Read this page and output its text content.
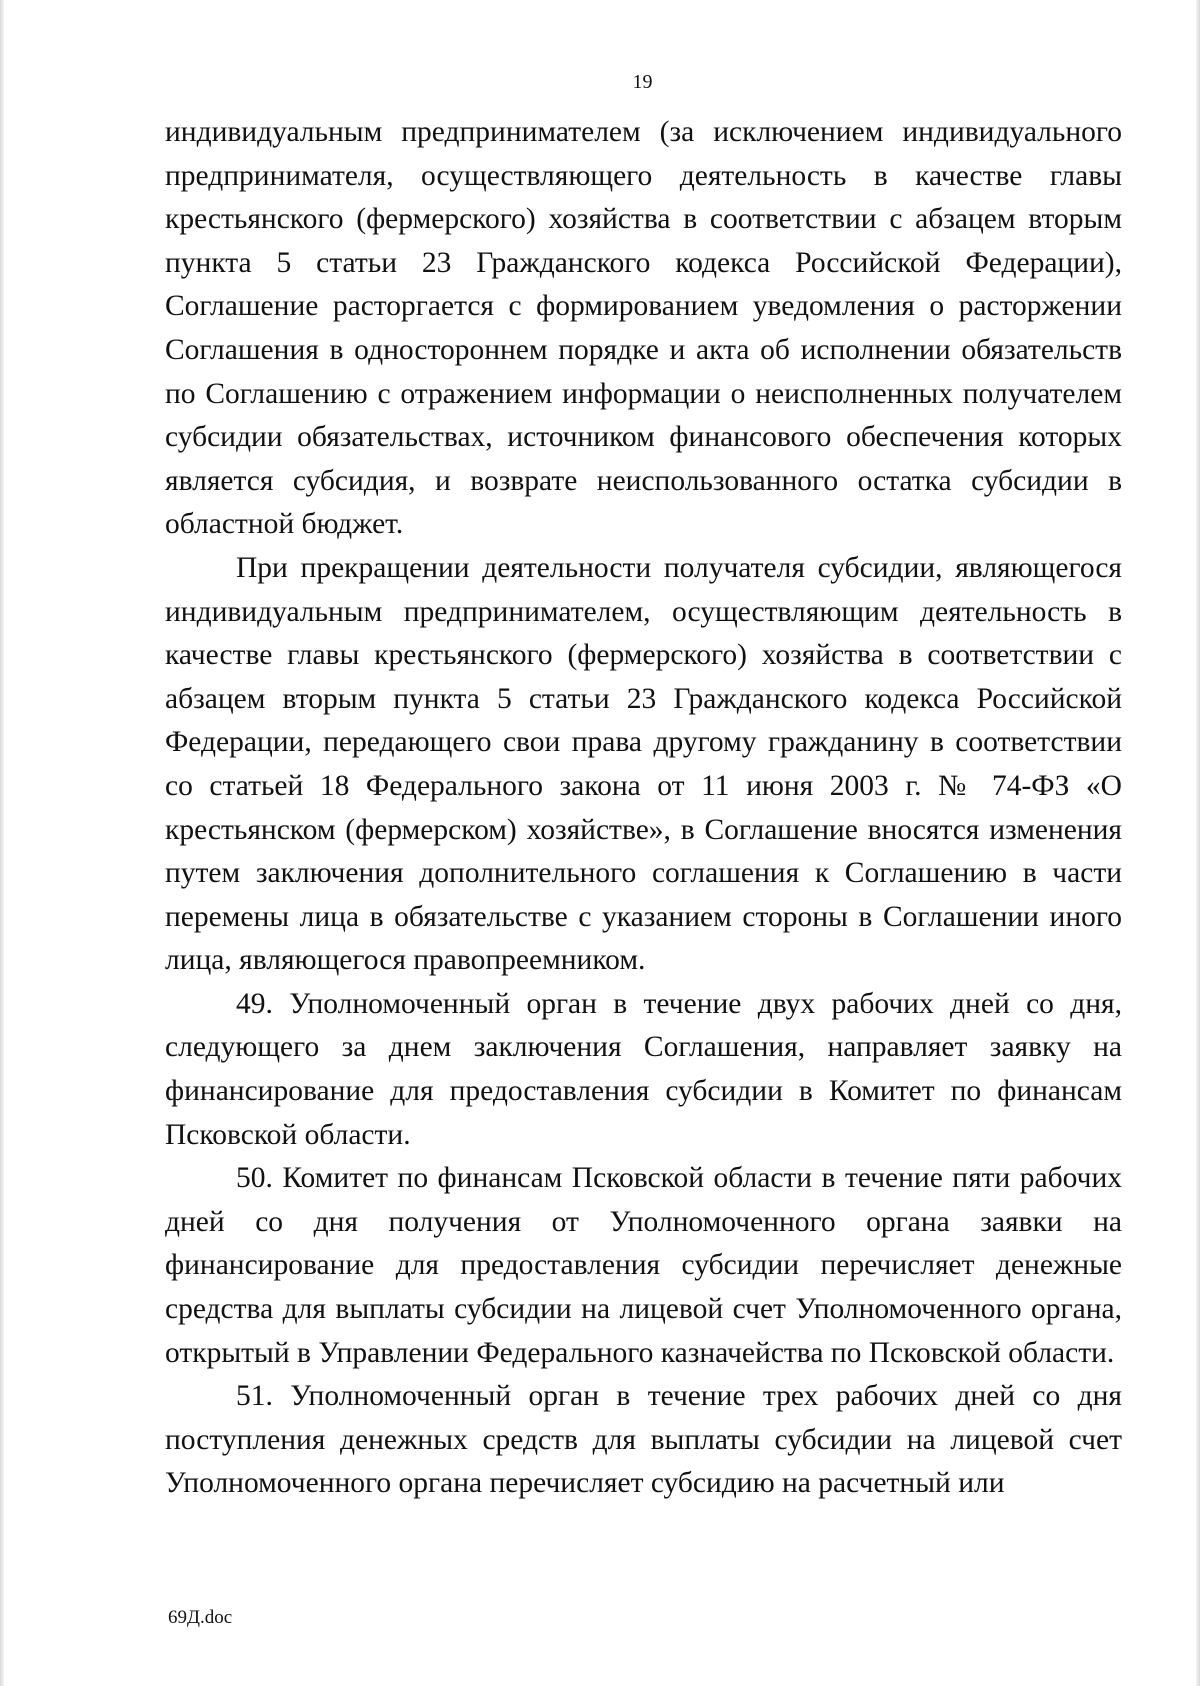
19

индивидуальным предпринимателем (за исключением индивидуального предпринимателя, осуществляющего деятельность в качестве главы крестьянского (фермерского) хозяйства в соответствии с абзацем вторым пункта 5 статьи 23 Гражданского кодекса Российской Федерации), Соглашение расторгается с формированием уведомления о расторжении Соглашения в одностороннем порядке и акта об исполнении обязательств по Соглашению с отражением информации о неисполненных получателем субсидии обязательствах, источником финансового обеспечения которых является субсидия, и возврате неиспользованного остатка субсидии в областной бюджет.

При прекращении деятельности получателя субсидии, являющегося индивидуальным предпринимателем, осуществляющим деятельность в качестве главы крестьянского (фермерского) хозяйства в соответствии с абзацем вторым пункта 5 статьи 23 Гражданского кодекса Российской Федерации, передающего свои права другому гражданину в соответствии со статьей 18 Федерального закона от 11 июня 2003 г. № 74-ФЗ «О крестьянском (фермерском) хозяйстве», в Соглашение вносятся изменения путем заключения дополнительного соглашения к Соглашению в части перемены лица в обязательстве с указанием стороны в Соглашении иного лица, являющегося правопреемником.

49. Уполномоченный орган в течение двух рабочих дней со дня, следующего за днем заключения Соглашения, направляет заявку на финансирование для предоставления субсидии в Комитет по финансам Псковской области.

50. Комитет по финансам Псковской области в течение пяти рабочих дней со дня получения от Уполномоченного органа заявки на финансирование для предоставления субсидии перечисляет денежные средства для выплаты субсидии на лицевой счет Уполномоченного органа, открытый в Управлении Федерального казначейства по Псковской области.

51. Уполномоченный орган в течение трех рабочих дней со дня поступления денежных средств для выплаты субсидии на лицевой счет Уполномоченного органа перечисляет субсидию на расчетный или

69Д.doc
